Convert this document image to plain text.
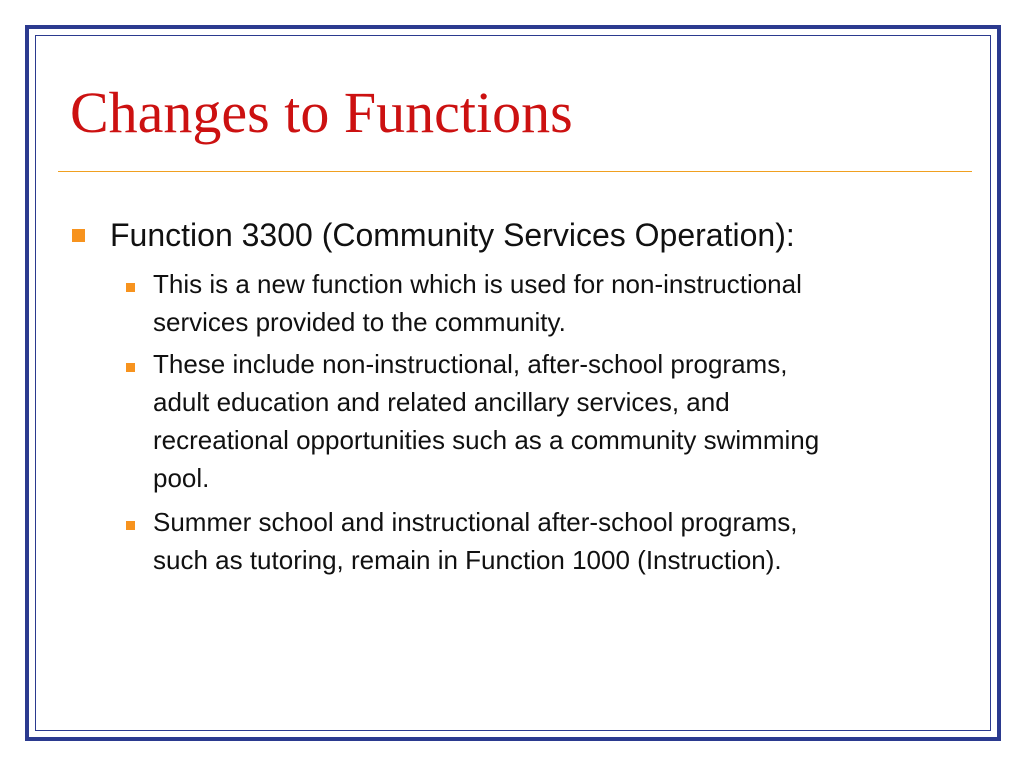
Changes to Functions
Function 3300 (Community Services Operation):
This is a new function which is used for non-instructional
services provided to the community.
These include non-instructional, after-school programs,
adult education and related ancillary services, and
recreational opportunities such as a community swimming
pool.
Summer school and instructional after-school programs,
such as tutoring, remain in Function 1000 (Instruction).
